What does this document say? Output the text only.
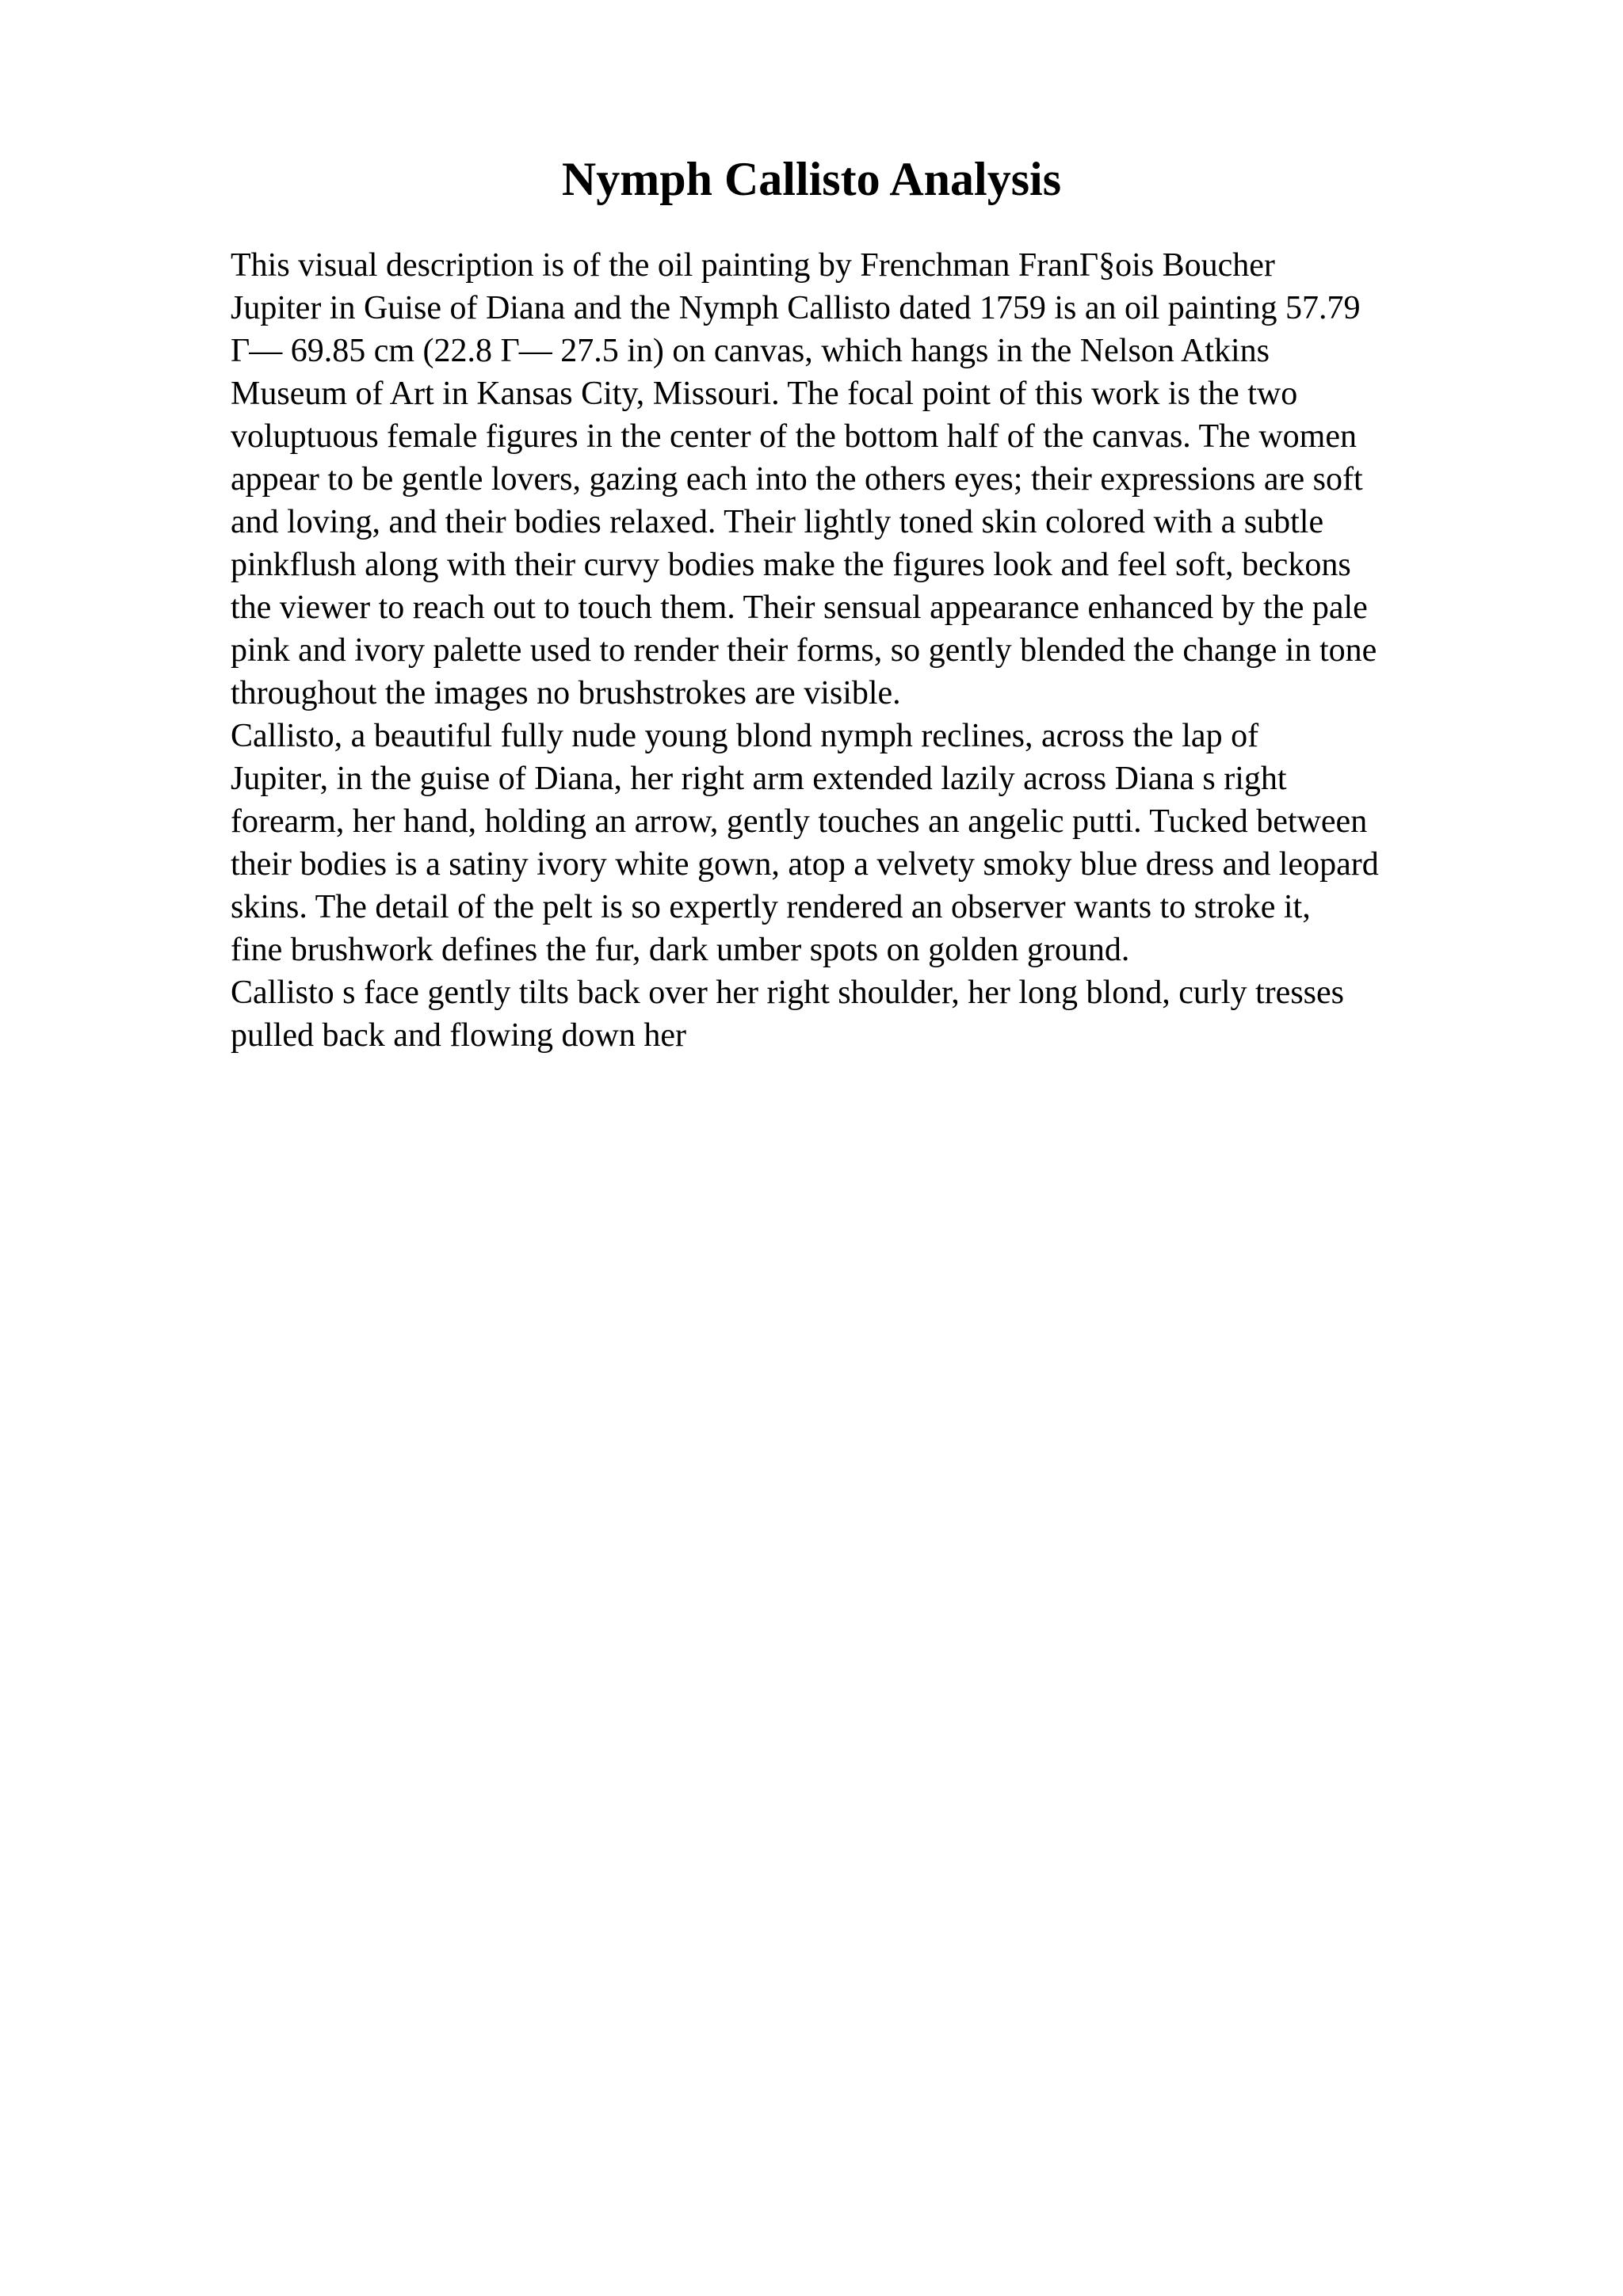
Nymph Callisto Analysis
This visual description is of the oil painting by Frenchman FranГ§ois Boucher
Jupiter in Guise of Diana and the Nymph Callisto dated 1759 is an oil painting 57.79
Г— 69.85 cm (22.8 Г— 27.5 in) on canvas, which hangs in the Nelson Atkins
Museum of Art in Kansas City, Missouri. The focal point of this work is the two
voluptuous female figures in the center of the bottom half of the canvas. The women
appear to be gentle lovers, gazing each into the others eyes; their expressions are soft
and loving, and their bodies relaxed. Their lightly toned skin colored with a subtle
pinkflush along with their curvy bodies make the figures look and feel soft, beckons
the viewer to reach out to touch them. Their sensual appearance enhanced by the pale
pink and ivory palette used to render their forms, so gently blended the change in tone
throughout the images no brushstrokes are visible.
Callisto, a beautiful fully nude young blond nymph reclines, across the lap of
Jupiter, in the guise of Diana, her right arm extended lazily across Diana s right
forearm, her hand, holding an arrow, gently touches an angelic putti. Tucked between
their bodies is a satiny ivory white gown, atop a velvety smoky blue dress and leopard
skins. The detail of the pelt is so expertly rendered an observer wants to stroke it,
fine brushwork defines the fur, dark umber spots on golden ground.
Callisto s face gently tilts back over her right shoulder, her long blond, curly tresses
pulled back and flowing down her
